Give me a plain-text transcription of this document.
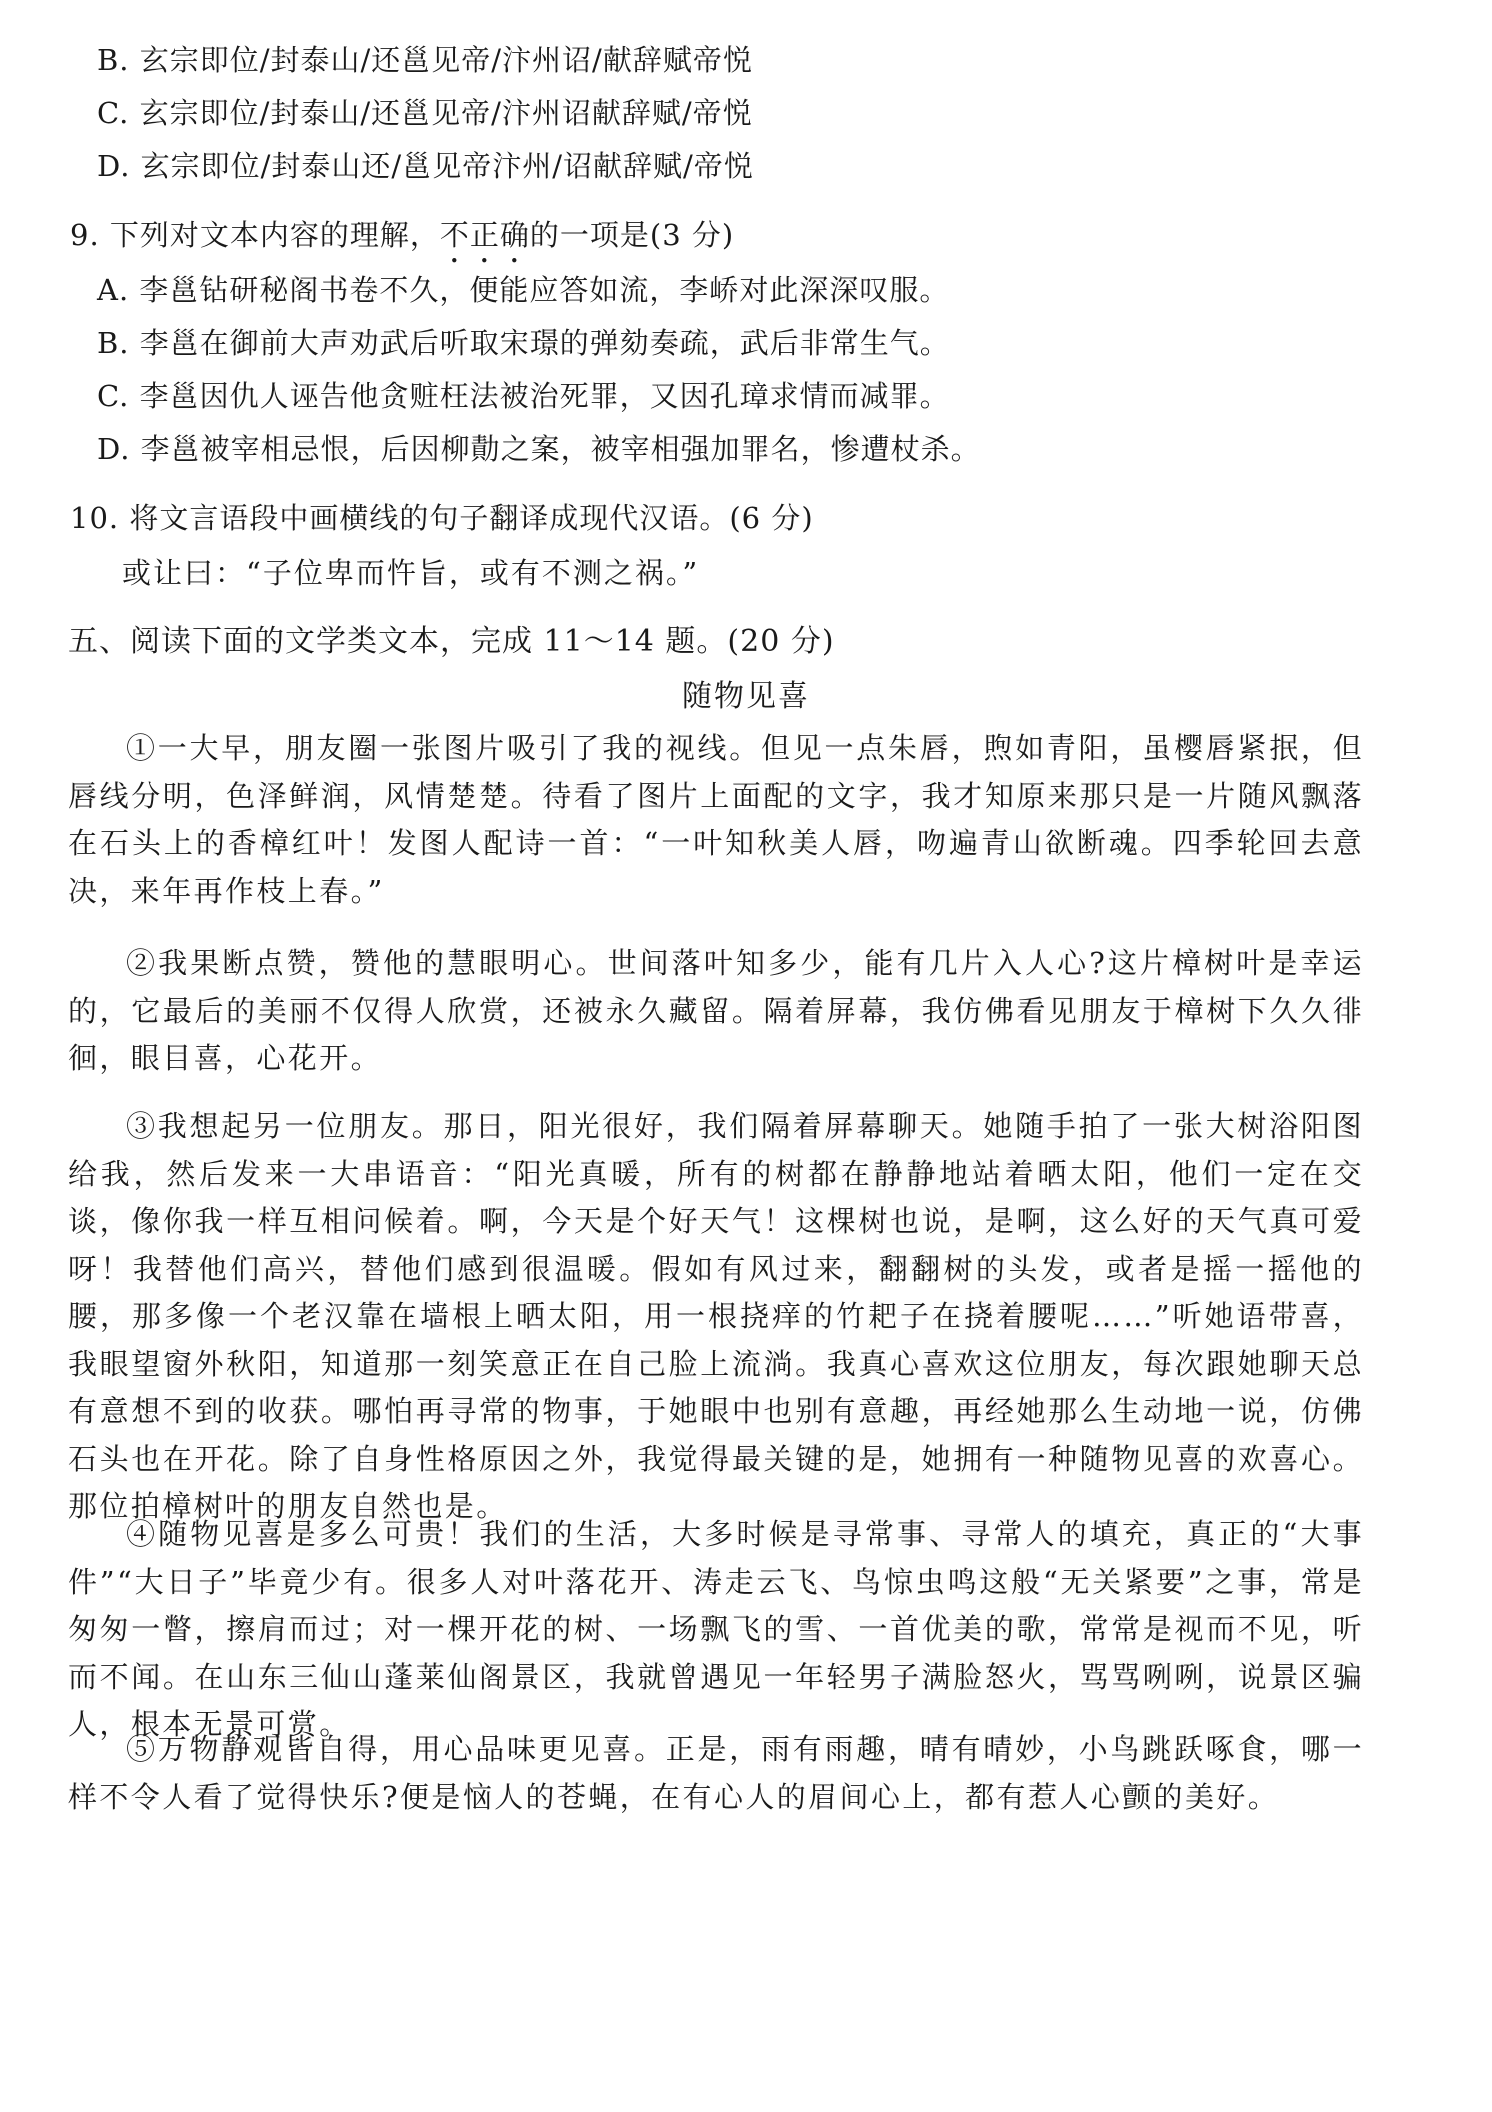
B. 玄宗即位/封泰山/还邕见帝/汴州诏/献辞赋帝悦
C. 玄宗即位/封泰山/还邕见帝/汴州诏献辞赋/帝悦
D. 玄宗即位/封泰山还/邕见帝汴州/诏献辞赋/帝悦
9. 下列对文本内容的理解，不正确的一项是(3 分)
A. 李邕钻研秘阁书卷不久，便能应答如流，李峤对此深深叹服。
B. 李邕在御前大声劝武后听取宋璟的弹劾奏疏，武后非常生气。
C. 李邕因仇人诬告他贪赃枉法被治死罪，又因孔璋求情而减罪。
D. 李邕被宰相忌恨，后因柳勣之案，被宰相强加罪名，惨遭杖杀。
10. 将文言语段中画横线的句子翻译成现代汉语。(6 分)
或让曰：“子位卑而忤旨，或有不测之祸。”
五、阅读下面的文学类文本，完成 11～14 题。(20 分)
随物见喜
①一大早，朋友圈一张图片吸引了我的视线。但见一点朱唇，煦如青阳，虽樱唇紧抿，但唇线分明，色泽鲜润，风情楚楚。待看了图片上面配的文字，我才知原来那只是一片随风飘落在石头上的香樟红叶！发图人配诗一首：“一叶知秋美人唇，吻遍青山欲断魂。四季轮回去意决，来年再作枝上春。”
②我果断点赞，赞他的慧眼明心。世间落叶知多少，能有几片入人心?这片樟树叶是幸运的，它最后的美丽不仅得人欣赏，还被永久藏留。隔着屏幕，我仿佛看见朋友于樟树下久久徘徊，眼目喜，心花开。
③我想起另一位朋友。那日，阳光很好，我们隔着屏幕聊天。她随手拍了一张大树浴阳图给我，然后发来一大串语音：“阳光真暖，所有的树都在静静地站着晒太阳，他们一定在交谈，像你我一样互相问候着。啊，今天是个好天气！这棵树也说，是啊，这么好的天气真可爱呀！我替他们高兴，替他们感到很温暖。假如有风过来，翻翻树的头发，或者是摇一摇他的腰，那多像一个老汉靠在墙根上晒太阳，用一根挠痒的竹耙子在挠着腰呢……”听她语带喜，我眼望窗外秋阳，知道那一刻笑意正在自己脸上流淌。我真心喜欢这位朋友，每次跟她聊天总有意想不到的收获。哪怕再寻常的物事，于她眼中也别有意趣，再经她那么生动地一说，仿佛石头也在开花。除了自身性格原因之外，我觉得最关键的是，她拥有一种随物见喜的欢喜心。那位拍樟树叶的朋友自然也是。
④随物见喜是多么可贵！我们的生活，大多时候是寻常事、寻常人的填充，真正的“大事件”“大日子”毕竟少有。很多人对叶落花开、涛走云飞、鸟惊虫鸣这般“无关紧要”之事，常是匆匆一瞥，擦肩而过；对一棵开花的树、一场飘飞的雪、一首优美的歌，常常是视而不见，听而不闻。在山东三仙山蓬莱仙阁景区，我就曾遇见一年轻男子满脸怒火，骂骂咧咧，说景区骗人，根本无景可赏。
⑤万物静观皆自得，用心品味更见喜。正是，雨有雨趣，晴有晴妙，小鸟跳跃啄食，哪一样不令人看了觉得快乐?便是恼人的苍蝇，在有心人的眉间心上，都有惹人心颤的美好。
